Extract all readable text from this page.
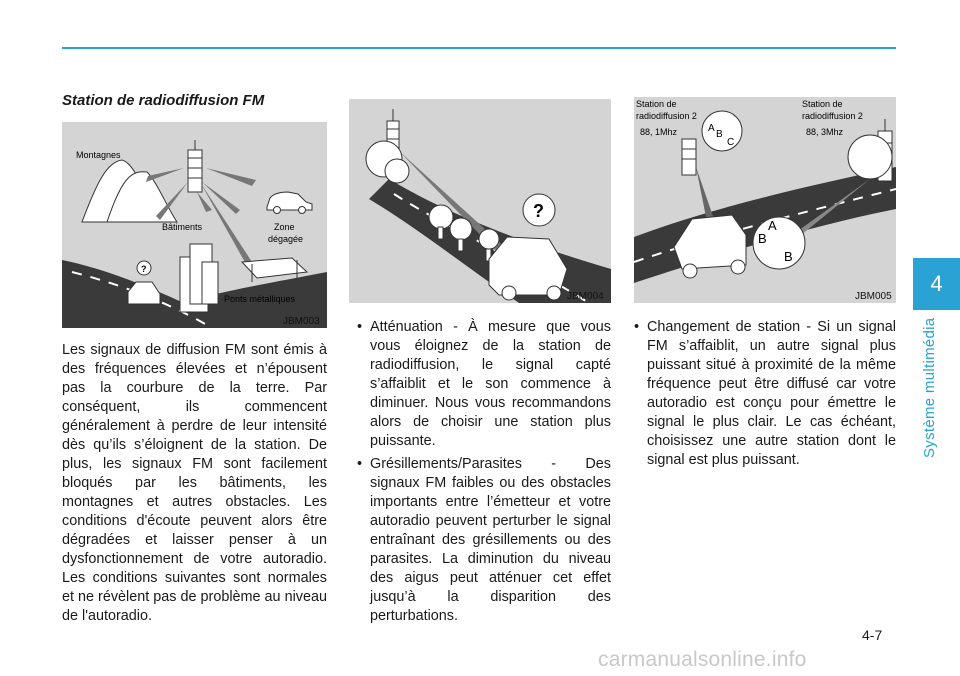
4
Système multimédia
Station de radiodiffusion FM
Montagnes
Bâtiments	Zone
dégagée
Ponts métalliques
?
JBM003
?
JBM004
Station de
radiodiffusion 2
88, 1Mhz
Station de
radiodiffusion 2
88, 3Mhz
A
B
C
A
B
B
JBM005

Les signaux de diffusion FM sont émis à des fréquences élevées et n’épousent pas la courbure de la terre. Par conséquent, ils commencent généralement à perdre de leur intensité dès qu’ils s’éloignent de la station. De plus, les signaux FM sont facilement bloqués par les bâtiments, les montagnes et autres obstacles. Les conditions d'écoute peuvent alors être dégradées et laisser penser à un dysfonctionnement de votre autoradio. Les conditions suivantes sont normales et ne révèlent pas de problème au niveau de l'autoradio.

• Atténuation - À mesure que vous vous éloignez de la station de radiodiffusion, le signal capté s’affaiblit et le son commence à diminuer. Nous vous recommandons alors de choisir une station plus puissante.
• Grésillements/Parasites - Des signaux FM faibles ou des obstacles importants entre l’émetteur et votre autoradio peuvent perturber le signal entraînant des grésillements ou des parasites. La diminution du niveau des aigus peut atténuer cet effet jusqu’à la disparition des perturbations.
• Changement de station - Si un signal FM s’affaiblit, un autre signal plus puissant situé à proximité de la même fréquence peut être diffusé car votre autoradio est conçu pour émettre le signal le plus clair. Le cas échéant, choisissez une autre station dont le signal est plus puissant.
4-7
carmanualsonline.info
